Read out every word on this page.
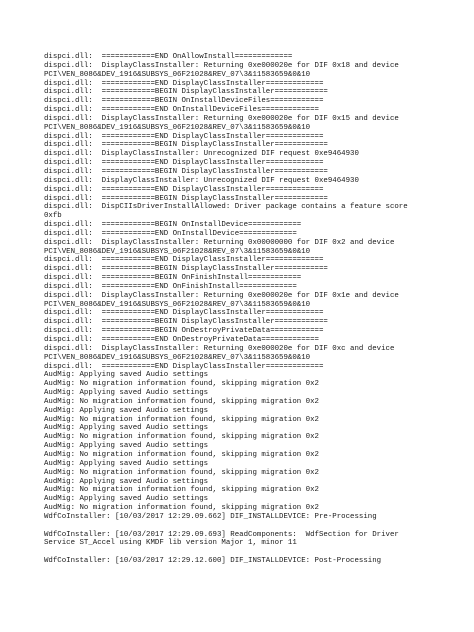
dispci.dll:  ============END OnAllowInstall=============
dispci.dll:  DisplayClassInstaller: Returning 0xe000020e for DIF 0x18 and device
PCI\VEN_8086&DEV_1916&SUBSYS_06F21028&REV_07\3&11583659&0&10
dispci.dll:  ============END DisplayClassInstaller=============
dispci.dll:  ============BEGIN DisplayClassInstaller============
dispci.dll:  ============BEGIN OnInstallDeviceFiles============
dispci.dll:  ============END OnInstallDeviceFiles=============
dispci.dll:  DisplayClassInstaller: Returning 0xe000020e for DIF 0x15 and device
PCI\VEN_8086&DEV_1916&SUBSYS_06F21028&REV_07\3&11583659&0&10
dispci.dll:  ============END DisplayClassInstaller=============
dispci.dll:  ============BEGIN DisplayClassInstaller============
dispci.dll:  DisplayClassInstaller: Unrecognized DIF request 0xe9464930
dispci.dll:  ============END DisplayClassInstaller=============
dispci.dll:  ============BEGIN DisplayClassInstaller============
dispci.dll:  DisplayClassInstaller: Unrecognized DIF request 0xe9464930
dispci.dll:  ============END DisplayClassInstaller=============
dispci.dll:  ============BEGIN DisplayClassInstaller============
dispci.dll:  DispCIIsDriverInstallAllowed: Driver package contains a feature score
0xfb
dispci.dll:  ============BEGIN OnInstallDevice============
dispci.dll:  ============END OnInstallDevice=============
dispci.dll:  DisplayClassInstaller: Returning 0x00000000 for DIF 0x2 and device
PCI\VEN_8086&DEV_1916&SUBSYS_06F21028&REV_07\3&11583659&0&10
dispci.dll:  ============END DisplayClassInstaller=============
dispci.dll:  ============BEGIN DisplayClassInstaller============
dispci.dll:  ============BEGIN OnFinishInstall============
dispci.dll:  ============END OnFinishInstall=============
dispci.dll:  DisplayClassInstaller: Returning 0xe000020e for DIF 0x1e and device
PCI\VEN_8086&DEV_1916&SUBSYS_06F21028&REV_07\3&11583659&0&10
dispci.dll:  ============END DisplayClassInstaller=============
dispci.dll:  ============BEGIN DisplayClassInstaller============
dispci.dll:  ============BEGIN OnDestroyPrivateData============
dispci.dll:  ============END OnDestroyPrivateData=============
dispci.dll:  DisplayClassInstaller: Returning 0xe000020e for DIF 0xc and device
PCI\VEN_8086&DEV_1916&SUBSYS_06F21028&REV_07\3&11583659&0&10
dispci.dll:  ============END DisplayClassInstaller=============
AudMig: Applying saved Audio settings
AudMig: No migration information found, skipping migration 0x2
AudMig: Applying saved Audio settings
AudMig: No migration information found, skipping migration 0x2
AudMig: Applying saved Audio settings
AudMig: No migration information found, skipping migration 0x2
AudMig: Applying saved Audio settings
AudMig: No migration information found, skipping migration 0x2
AudMig: Applying saved Audio settings
AudMig: No migration information found, skipping migration 0x2
AudMig: Applying saved Audio settings
AudMig: No migration information found, skipping migration 0x2
AudMig: Applying saved Audio settings
AudMig: No migration information found, skipping migration 0x2
AudMig: Applying saved Audio settings
AudMig: No migration information found, skipping migration 0x2
WdfCoInstaller: [10/03/2017 12:29.09.662] DIF_INSTALLDEVICE: Pre-Processing
WdfCoInstaller: [10/03/2017 12:29.09.693] ReadComponents:  WdfSection for Driver
Service ST_Accel using KMDF lib version Major 1, minor 11
WdfCoInstaller: [10/03/2017 12:29.12.600] DIF_INSTALLDEVICE: Post-Processing
